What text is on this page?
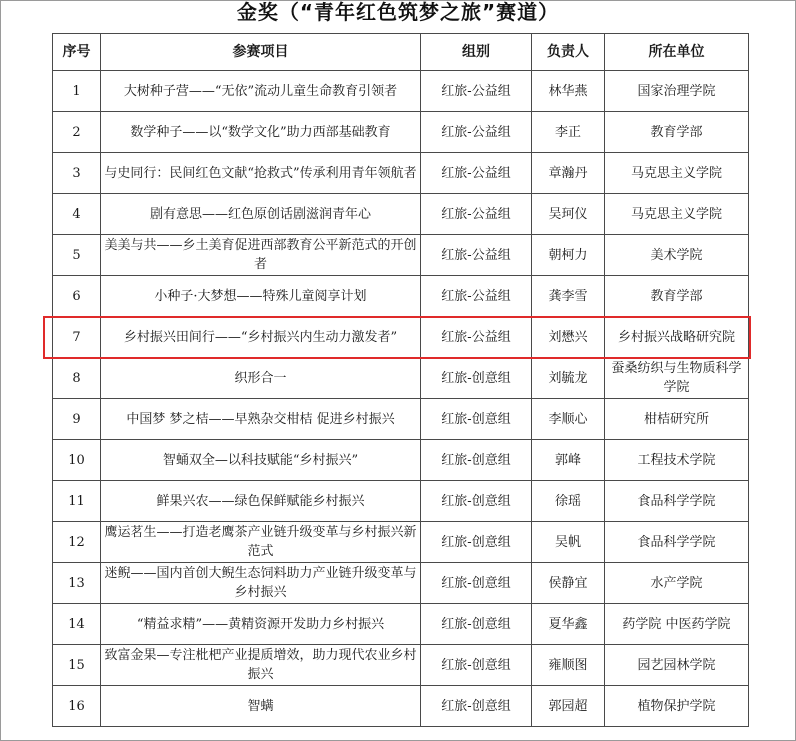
金奖（“青年红色筑梦之旅”赛道）
序号	参赛项目	组别	负责人	所在单位
1	大树种子营——“无依”流动儿童生命教育引领者	红旅-公益组	林华燕	国家治理学院
2	数学种子——以“数学文化”助力西部基础教育	红旅-公益组	李正	教育学部
3	与史同行：民间红色文献“抢救式”传承利用青年领航者	红旅-公益组	章瀚丹	马克思主义学院
4	剧有意思——红色原创话剧滋润青年心	红旅-公益组	吴珂仪	马克思主义学院
5	美美与共——乡土美育促进西部教育公平新范式的开创者	红旅-公益组	朝柯力	美术学院
6	小种子·大梦想——特殊儿童阅享计划	红旅-公益组	龚李雪	教育学部
7	乡村振兴田间行——“乡村振兴内生动力激发者”	红旅-公益组	刘懋兴	乡村振兴战略研究院
8	织形合一	红旅-创意组	刘毓龙	蚕桑纺织与生物质科学学院
9	中国梦 梦之桔——早熟杂交柑桔 促进乡村振兴	红旅-创意组	李顺心	柑桔研究所
10	智蛹双全—以科技赋能“乡村振兴”	红旅-创意组	郭峰	工程技术学院
11	鲜果兴农——绿色保鲜赋能乡村振兴	红旅-创意组	徐瑶	食品科学学院
12	鹰运茗生——打造老鹰茶产业链升级变革与乡村振兴新范式	红旅-创意组	吴帆	食品科学学院
13	迷鲵——国内首创大鲵生态饲料助力产业链升级变革与乡村振兴	红旅-创意组	侯静宜	水产学院
14	“精益求精”——黄精资源开发助力乡村振兴	红旅-创意组	夏华鑫	药学院 中医药学院
15	致富金果—专注枇杷产业提质增效，助力现代农业乡村振兴	红旅-创意组	雍顺图	园艺园林学院
16	智螨	红旅-创意组	郭园超	植物保护学院
